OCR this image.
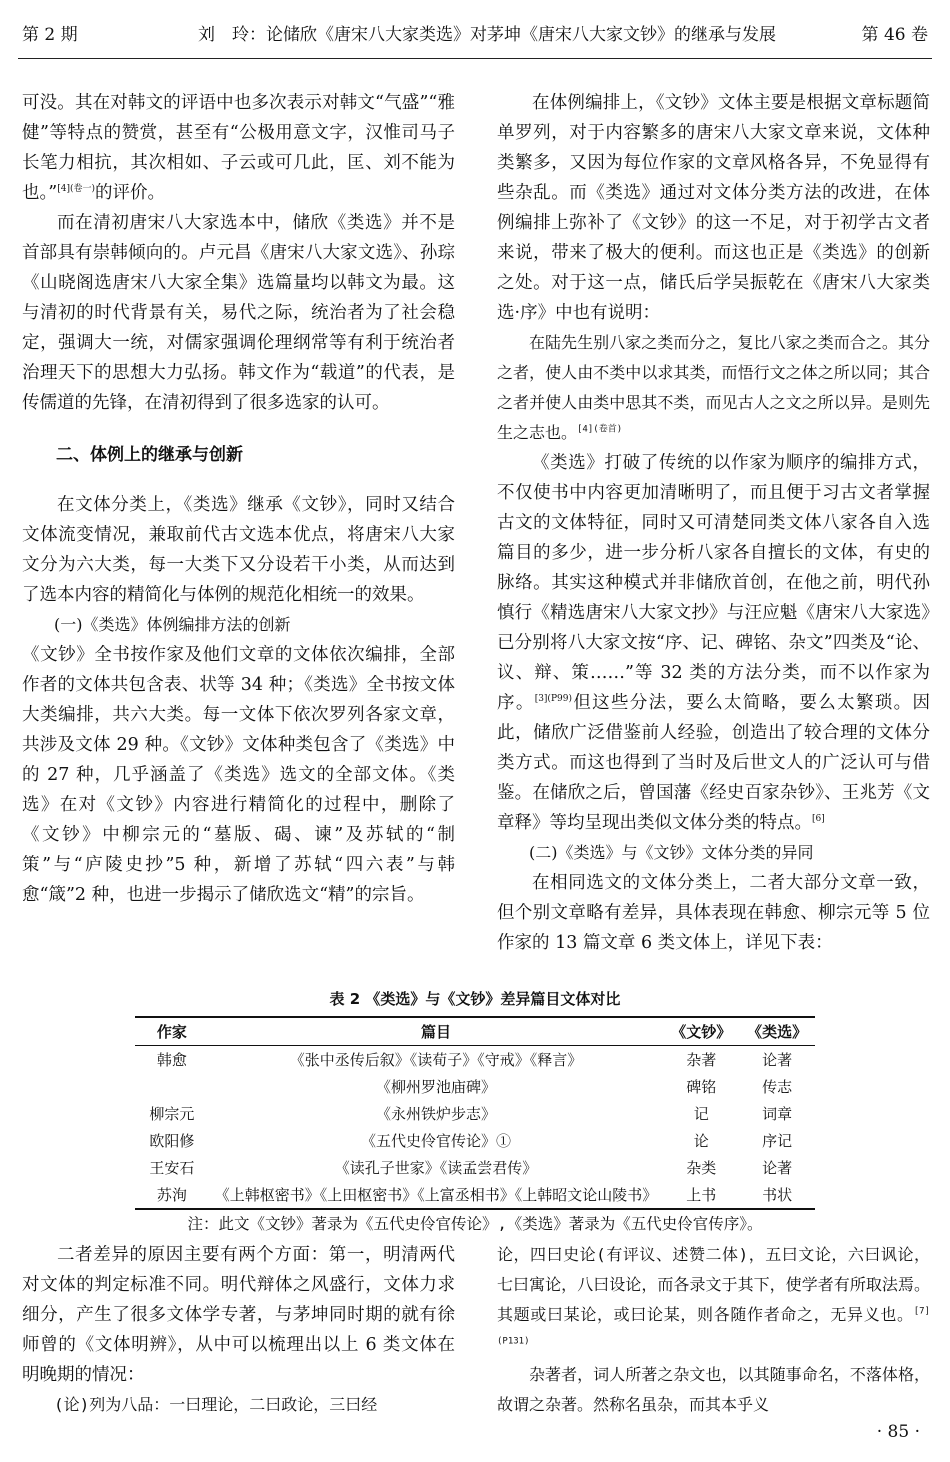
第 2 期	刘　玲：论储欣《唐宋八大家类选》对茅坤《唐宋八大家文钞》的继承与发展	第 46 卷

可没。其在对韩文的评语中也多次表示对韩文“气盛”“雅健”等特点的赞赏，甚至有“公极用意文字，汉惟司马子长笔力相抗，其次相如、子云或可几此，匡、刘不能为也。”$^{[4](卷一)}$的评价。

而在清初唐宋八大家选本中，储欣《类选》并不是首部具有崇韩倾向的。卢元昌《唐宋八大家文选》、孙琮《山晓阁选唐宋八大家全集》选篇量均以韩文为最。这与清初的时代背景有关，易代之际，统治者为了社会稳定，强调大一统，对儒家强调伦理纲常等有利于统治者治理天下的思想大力弘扬。韩文作为“载道”的代表，是传儒道的先锋，在清初得到了很多选家的认可。

二、体例上的继承与创新

在文体分类上，《类选》继承《文钞》，同时又结合文体流变情况，兼取前代古文选本优点，将唐宋八大家文分为六大类，每一大类下又分设若干小类，从而达到了选本内容的精简化与体例的规范化相统一的效果。

(一)《类选》体例编排方法的创新

《文钞》全书按作家及他们文章的文体依次编排，全部作者的文体共包含表、状等 34 种；《类选》全书按文体大类编排，共六大类。每一文体下依次罗列各家文章，共涉及文体 29 种。《文钞》文体种类包含了《类选》中的 27 种，几乎涵盖了《类选》选文的全部文体。《类选》在对《文钞》内容进行精简化的过程中，删除了《文钞》中柳宗元的“墓版、碣、谏”及苏轼的“制策”与“庐陵史抄”5 种，新增了苏轼“四六表”与韩愈“箴”2 种，也进一步揭示了储欣选文“精”的宗旨。

在体例编排上，《文钞》文体主要是根据文章标题简单罗列，对于内容繁多的唐宋八大家文章来说，文体种类繁多，又因为每位作家的文章风格各异，不免显得有些杂乱。而《类选》通过对文体分类方法的改进，在体例编排上弥补了《文钞》的这一不足，对于初学古文者来说，带来了极大的便利。而这也正是《类选》的创新之处。对于这一点，储氏后学吴振乾在《唐宋八大家类选·序》中也有说明：

在陆先生别八家之类而分之，复比八家之类而合之。其分之者，使人由不类中以求其类，而悟行文之体之所以同；其合之者并使人由类中思其不类，而见古人之文之所以异。是则先生之志也。$^{[4](卷首)}$

《类选》打破了传统的以作家为顺序的编排方式，不仅使书中内容更加清晰明了，而且便于习古文者掌握古文的文体特征，同时又可清楚同类文体八家各自入选篇目的多少，进一步分析八家各自擅长的文体，有史的脉络。其实这种模式并非储欣首创，在他之前，明代孙慎行《精选唐宋八大家文抄》与汪应魁《唐宋八大家选》已分别将八大家文按“序、记、碑铭、杂文”四类及“论、议、辩、策……”等 32 类的方法分类，而不以作家为序。$^{[3](P99)}$但这些分法，要么太简略，要么太繁琐。因此，储欣广泛借鉴前人经验，创造出了较合理的文体分类方式。而这也得到了当时及后世文人的广泛认可与借鉴。在储欣之后，曾国藩《经史百家杂钞》、王兆芳《文章释》等均呈现出类似文体分类的特点。[6]

(二)《类选》与《文钞》文体分类的异同

在相同选文的文体分类上，二者大部分文章一致，但个别文章略有差异，具体表现在韩愈、柳宗元等 5 位作家的 13 篇文章 6 类文体上，详见下表：

表 2 《类选》与《文钞》差异篇目文体对比
作家	篇目	《文钞》	《类选》
韩愈	《张中丞传后叙》《读荀子》《守戒》《释言》	杂著	论著
	《柳州罗池庙碑》	碑铭	传志
柳宗元	《永州铁炉步志》	记	词章
欧阳修	《五代史伶官传论》①	论	序记
王安石	《读孔子世家》《读孟尝君传》	杂类	论著
苏洵	《上韩枢密书》《上田枢密书》《上富丞相书》《上韩昭文论山陵书》	上书	书状
注：此文《文钞》著录为《五代史伶官传论》,《类选》著录为《五代史伶官传序》。

二者差异的原因主要有两个方面：第一，明清两代对文体的判定标准不同。明代辩体之风盛行，文体力求细分，产生了很多文体学专著，与茅坤同时期的就有徐师曾的《文体明辨》，从中可以梳理出以上 6 类文体在明晚期的情况：

(论)列为八品：一曰理论，二曰政论，三曰经

论，四曰史论(有评议、述赞二体)，五曰文论，六曰讽论，七曰寓论，八曰设论，而各录文于其下，使学者有所取法焉。其题或曰某论，或曰论某，则各随作者命之，无异义也。$^{[7](P131)}$

杂著者，词人所著之杂文也，以其随事命名，不落体格，故谓之杂著。然称名虽杂，而其本乎义

· 85 ·
